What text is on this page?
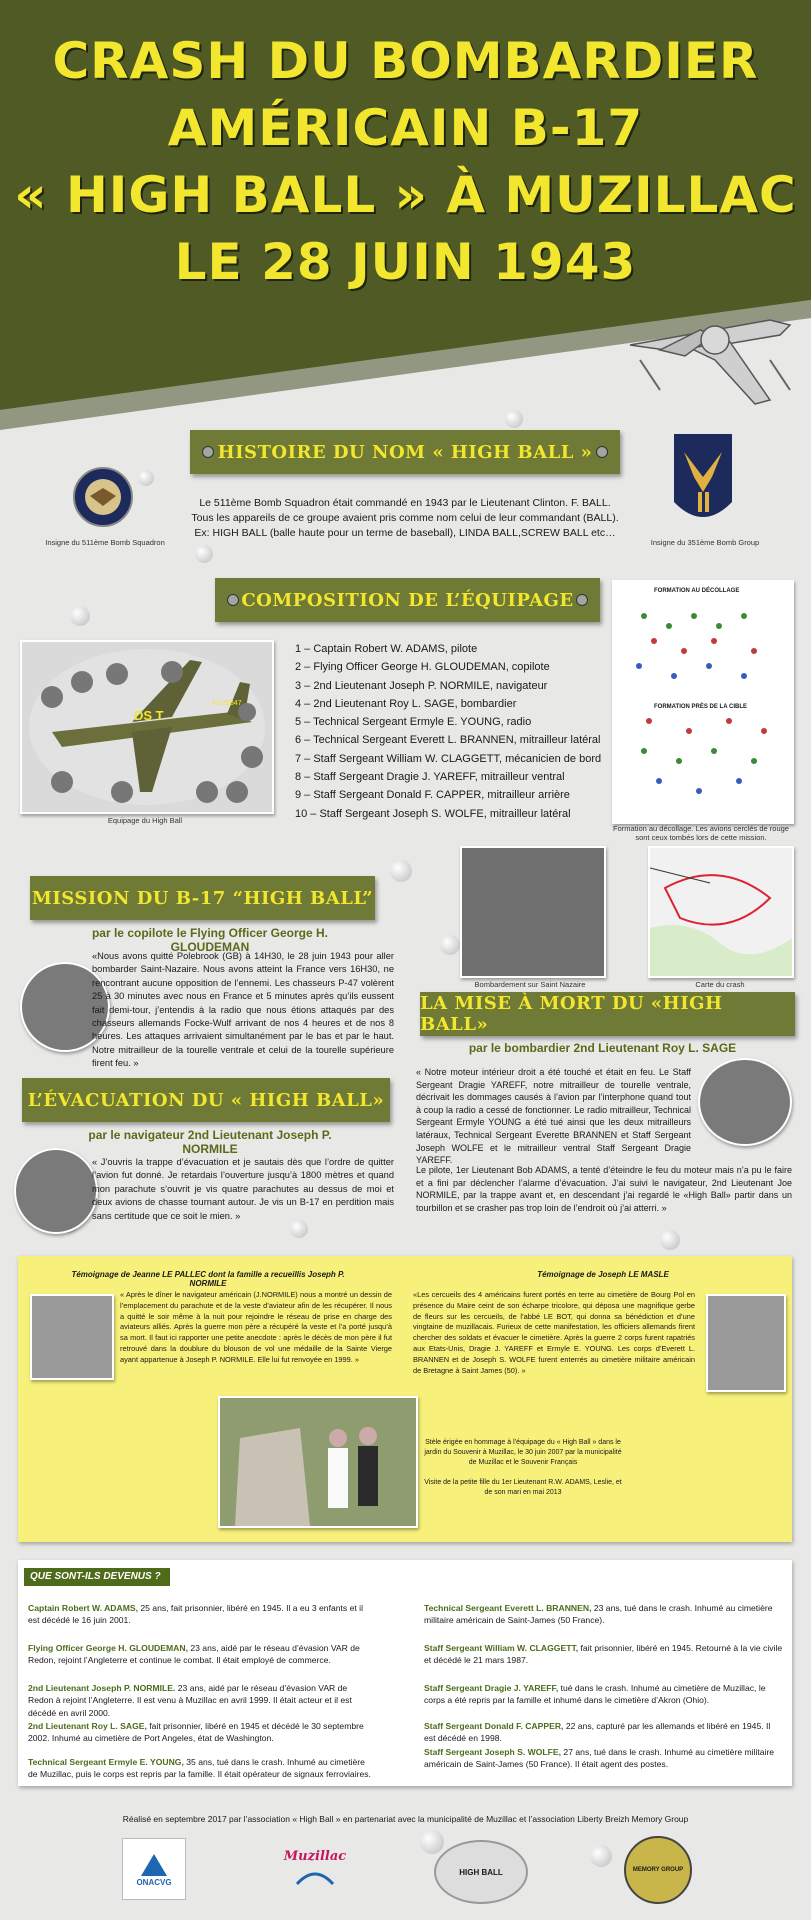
CRASH DU BOMBARDIER
AMÉRICAIN B-17
« HIGH BALL » À MUZILLAC
LE 28 JUIN 1943
HISTOIRE DU NOM « HIGH BALL »
Insigne du 511ème Bomb Squadron	Insigne du 351ème Bomb Group
Le 511ème Bomb Squadron était commandé en 1943 par le Lieutenant Clinton. F. BALL.
Tous les appareils de ce groupe avaient pris comme nom celui de leur commandant (BALL).
Ex: HIGH BALL (balle haute pour un terme de baseball), LINDA BALL,SCREW BALL etc…
COMPOSITION DE L’ÉQUIPAGE
DS T
42-29847
Equipage du High Ball
1 – Captain Robert W. ADAMS, pilote
2 – Flying Officer George H. GLOUDEMAN, copilote
3 – 2nd Lieutenant Joseph P. NORMILE, navigateur
4 – 2nd Lieutenant Roy L. SAGE, bombardier
5 – Technical Sergeant Ermyle E. YOUNG, radio
6 – Technical Sergeant Everett L. BRANNEN, mitrailleur latéral
7 – Staff Sergeant William W. CLAGGETT, mécanicien de bord
8 – Staff Sergeant Dragie J. YAREFF, mitrailleur ventral
9 – Staff Sergeant Donald F. CAPPER, mitrailleur arrière
10 – Staff Sergeant Joseph S. WOLFE, mitrailleur latéral
FORMATION AU DÉCOLLAGE
FORMATION PRÈS DE LA CIBLE
Formation au décollage. Les avions cerclés de rouge sont ceux tombés lors de cette mission.
MISSION DU B-17 “HIGH BALL”
par le copilote le Flying Officer George H. GLOUDEMAN
«Nous avons quitté Polebrook (GB) à 14H30, le 28 juin 1943 pour aller bombarder Saint-Nazaire. Nous avons atteint la France vers 16H30, ne rencontrant aucune opposition de l’ennemi. Les chasseurs P-47 volèrent 25 à 30 minutes avec nous en France et 5 minutes après qu’ils eussent fait demi-tour, j’entendis à la radio que nous étions attaqués par des chasseurs allemands Focke-Wulf arrivant de nos 4 heures et de nos 8 heures. Les attaques arrivaient simultanément par le bas et par le haut. Notre mitrailleur de la tourelle ventrale et celui de la tourelle supérieure firent feu. »
Bombardement sur Saint Nazaire	Carte du crash
LA MISE À MORT DU «HIGH BALL»
par le bombardier 2nd Lieutenant Roy L. SAGE
« Notre moteur intérieur droit a été touché et était en feu. Le Staff Sergeant Dragie YAREFF, notre mitrailleur de tourelle ventrale, décrivait les dommages causés à l’avion par l’interphone quand tout à coup la radio a cessé de fonctionner. Le radio mitrailleur, Technical Sergeant Ermyle YOUNG a été tué ainsi que les deux mitrailleurs latéraux, Technical Sergeant Everette BRANNEN et Staff Sergeant Joseph WOLFE et le mitrailleur ventral Staff Sergeant Dragie YAREFF.
Le pilote, 1er Lieutenant Bob ADAMS, a tenté d’éteindre le feu du moteur mais n’a pu le faire et a fini par déclencher l’alarme d’évacuation. J’ai suivi le navigateur, 2nd Lieutenant Joe NORMILE, par la trappe avant et, en descendant j’ai regardé le «High Ball» partir dans un tourbillon et se crasher pas trop loin de l’endroit où j’ai atterri. »
L’ÉVACUATION DU « HIGH BALL»
par le navigateur 2nd Lieutenant Joseph P. NORMILE
« J’ouvris la trappe d’évacuation et je sautais dès que l’ordre de quitter l’avion fut donné. Je retardais l’ouverture jusqu’à 1800 mètres et quand mon parachute s’ouvrit je vis quatre parachutes au dessus de moi et deux avions de chasse tournant autour. Je vis un B-17 en perdition mais sans certitude que ce soit le mien. »
Témoignage de Jeanne LE PALLEC dont la famille a recueillis Joseph P. NORMILE
« Après le dîner le navigateur américain (J.NORMILE) nous a montré un dessin de l’emplacement du parachute et de la veste d’aviateur afin de les récupérer. Il nous a quitté le soir même à la nuit pour rejoindre le réseau de prise en charge des aviateurs alliés. Après la guerre mon père a récupéré la veste et l’a porté jusqu’à sa mort. Il faut ici rapporter une petite anecdote : après le décès de mon père il fut retrouvé dans la doublure du blouson de vol une médaille de la Sainte Vierge ayant appartenue à Joseph P. NORMILE. Elle lui fut renvoyée en 1999. »
Témoignage de Joseph LE MASLE
«Les cercueils des 4 américains furent portés en terre au cimetière de Bourg Pol en présence du Maire ceint de son écharpe tricolore, qui déposa une magnifique gerbe de fleurs sur les cercueils, de l’abbé LE BOT, qui donna sa bénédiction et d’une vingtaine de muzillacais. Furieux de cette manifestation, les officiers allemands firent chercher des soldats et évacuer le cimetière. Après la guerre 2 corps furent rapatriés aux Etats-Unis, Dragie J. YAREFF et Ermyle E. YOUNG. Les corps d’Everett L. BRANNEN et de Joseph S. WOLFE furent enterrés au cimetière militaire américain de Bretagne à Saint James (50). »
Stèle érigée en hommage à l’équipage du « High Ball » dans le jardin du Souvenir à Muzillac, le 30 juin 2007 par la municipalité de Muzillac et le Souvenir Français
Visite de la petite fille du 1er Lieutenant R.W. ADAMS, Leslie, et de son mari en mai 2013
QUE SONT-ILS DEVENUS ?
Captain Robert W. ADAMS, 25 ans, fait prisonnier, libéré en 1945. Il a eu 3 enfants et il est décédé le 16 juin 2001.
Flying Officer George H. GLOUDEMAN, 23 ans, aidé par le réseau d’évasion VAR de Redon, rejoint l’Angleterre et continue le combat. Il était employé de commerce.
2nd Lieutenant Joseph P. NORMILE. 23 ans, aidé par le réseau d’évasion VAR de Redon à rejoint l’Angleterre. Il est venu à Muzillac en avril 1999. Il était acteur et il est décédé en avril 2000.
2nd Lieutenant Roy L. SAGE, fait prisonnier, libéré en 1945 et décédé le 30 septembre 2002. Inhumé au cimetière de Port Angeles, état de Washington.
Technical Sergeant Ermyle E. YOUNG, 35 ans, tué dans le crash. Inhumé au cimetière de Muzillac, puis le corps est repris par la famille. Il était opérateur de signaux ferroviaires.
Technical Sergeant Everett L. BRANNEN, 23 ans, tué dans le crash. Inhumé au cimetière militaire américain de Saint-James (50 France).
Staff Sergeant William W. CLAGGETT, fait prisonnier, libéré en 1945. Retourné à la vie civile et décédé le 21 mars 1987.
Staff Sergeant Dragie J. YAREFF, tué dans le crash. Inhumé au cimetière de Muzillac, le corps a été repris par la famille et inhumé dans le cimetière d’Akron (Ohio).
Staff Sergeant Donald F. CAPPER, 22 ans, capturé par les allemands et libéré en 1945. Il est décédé en 1998.
Staff Sergeant Joseph S. WOLFE, 27 ans, tué dans le crash. Inhumé au cimetière militaire américain de Saint-James (50 France). Il était agent des postes.
Réalisé en septembre 2017 par l’association « High Ball » en partenariat avec la municipalité de Muzillac et l’association Liberty Breizh Memory Group
ONACVG
Muzillac
HIGH BALL	MEMORY GROUP
